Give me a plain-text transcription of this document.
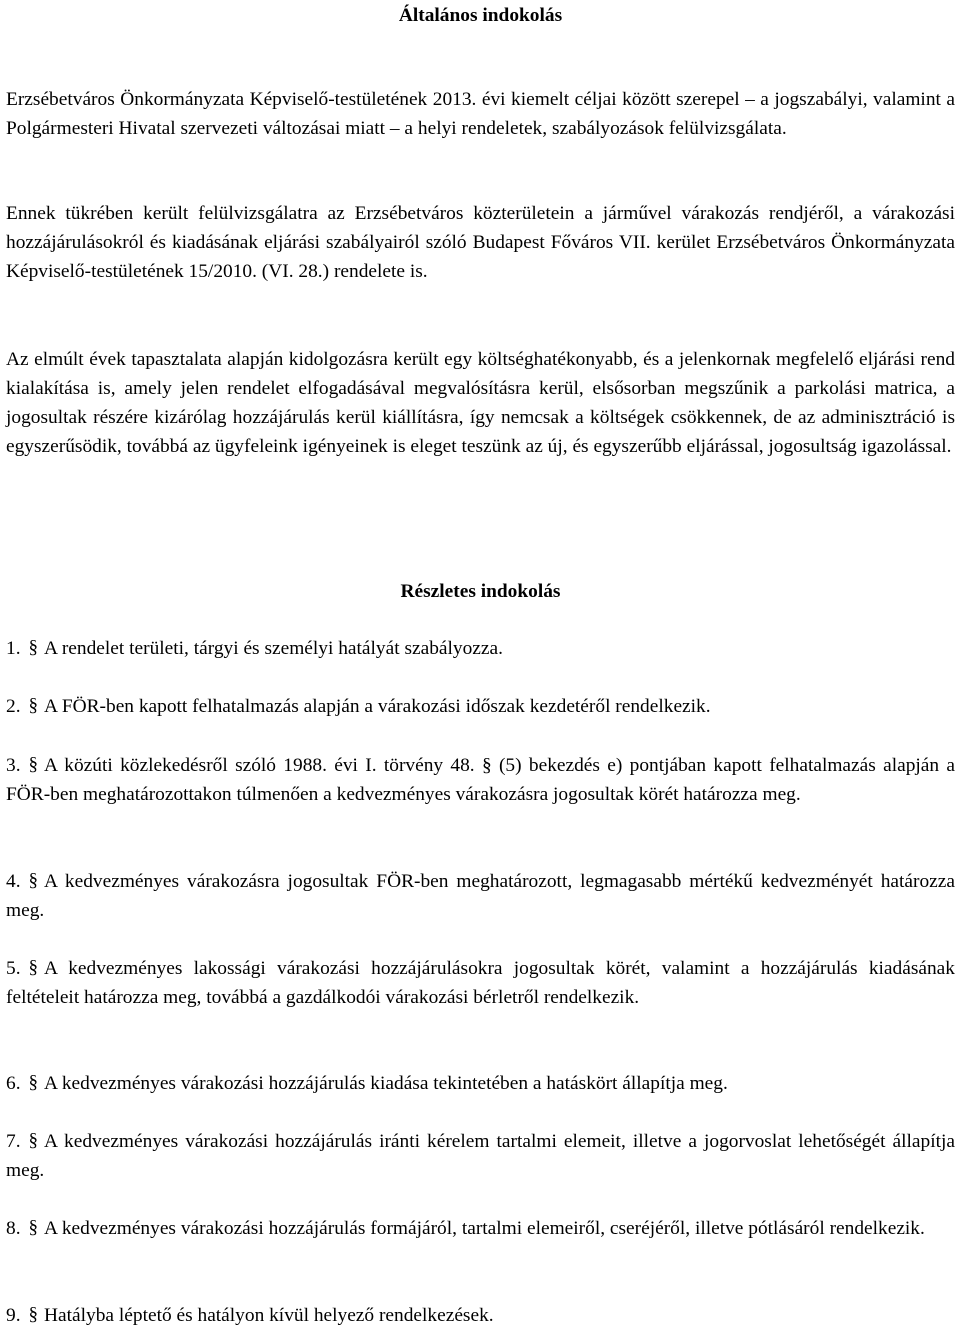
Általános indokolás

Erzsébetváros Önkormányzata Képviselő-testületének 2013. évi kiemelt céljai között szerepel – a jogszabályi, valamint a Polgármesteri Hivatal szervezeti változásai miatt – a helyi rendeletek, szabályozások felülvizsgálata.

Ennek tükrében került felülvizsgálatra az Erzsébetváros közterületein a járművel várakozás rendjéről, a várakozási hozzájárulásokról és kiadásának eljárási szabályairól szóló Budapest Főváros VII. kerület Erzsébetváros Önkormányzata Képviselő-testületének 15/2010. (VI. 28.) rendelete is.

Az elmúlt évek tapasztalata alapján kidolgozásra került egy költséghatékonyabb, és a jelenkornak megfelelő eljárási rend kialakítása is, amely jelen rendelet elfogadásával megvalósításra kerül, elsősorban megszűnik a parkolási matrica, a jogosultak részére kizárólag hozzájárulás kerül kiállításra, így nemcsak a költségek csökkennek, de az adminisztráció is egyszerűsödik, továbbá az ügyfeleink igényeinek is eleget teszünk az új, és egyszerűbb eljárással, jogosultság igazolással.

Részletes indokolás

1. § A rendelet területi, tárgyi és személyi hatályát szabályozza.

2. § A FÖR-ben kapott felhatalmazás alapján a várakozási időszak kezdetéről rendelkezik.

3. § A közúti közlekedésről szóló 1988. évi I. törvény 48. § (5) bekezdés e) pontjában kapott felhatalmazás alapján a FÖR-ben meghatározottakon túlmenően a kedvezményes várakozásra jogosultak körét határozza meg.

4. § A kedvezményes várakozásra jogosultak FÖR-ben meghatározott, legmagasabb mértékű kedvezményét határozza meg.

5. § A kedvezményes lakossági várakozási hozzájárulásokra jogosultak körét, valamint a hozzájárulás kiadásának feltételeit határozza meg, továbbá a gazdálkodói várakozási bérletről rendelkezik.

6. § A kedvezményes várakozási hozzájárulás kiadása tekintetében a hatáskört állapítja meg.

7. § A kedvezményes várakozási hozzájárulás iránti kérelem tartalmi elemeit, illetve a jogorvoslat lehetőségét állapítja meg.

8. § A kedvezményes várakozási hozzájárulás formájáról, tartalmi elemeiről, cseréjéről, illetve pótlásáról rendelkezik.

9. § Hatályba léptető és hatályon kívül helyező rendelkezések.
